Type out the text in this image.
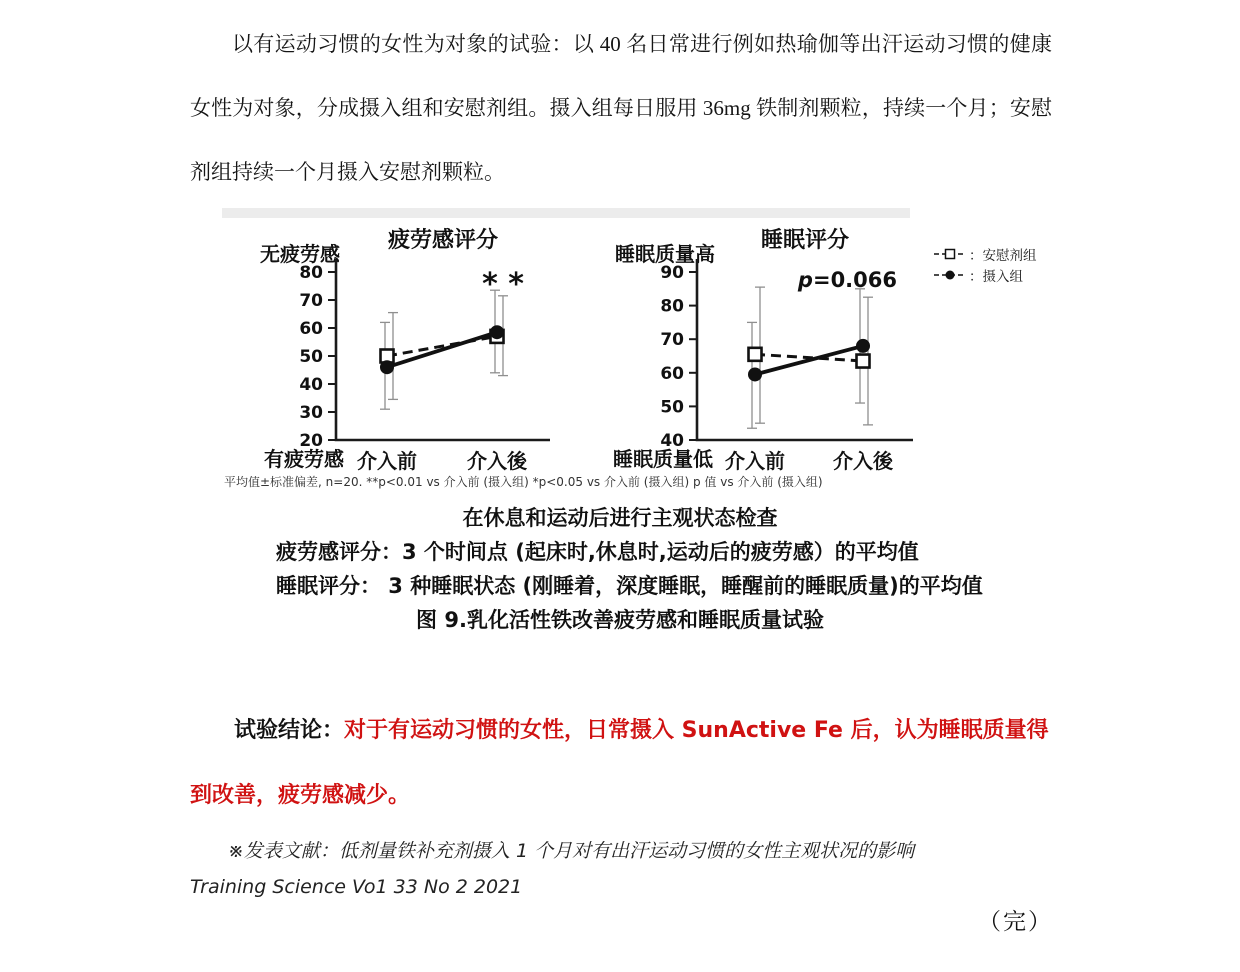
以有运动习惯的女性为对象的试验：以 40 名日常进行例如热瑜伽等出汗运动习惯的健康女性为对象，分成摄入组和安慰剂组。摄入组每日服用 36mg 铁制剂颗粒，持续一个月；安慰剂组持续一个月摄入安慰剂颗粒。

疲劳感评分
无疲劳感
有疲劳感
20
30
40
50
60
70
80
介入前	介入後
* *
睡眠评分
睡眠质量高
睡眠质量低
40
50
60
70
80
90
介入前 介入後
p=0.066
： 安慰剂组
： 摄入组
平均值±标准偏差, n=20. **p<0.01 vs 介入前 (摄入组) *p<0.05 vs 介入前 (摄入组) p 值 vs 介入前 (摄入组)
在休息和运动后进行主观状态检查
疲劳感评分：3 个时间点 (起床时,休息时,运动后的疲劳感）的平均值
睡眠评分： 3 种睡眠状态 (刚睡着，深度睡眠，睡醒前的睡眠质量)的平均值
图 9.乳化活性铁改善疲劳感和睡眠质量试验

试验结论：对于有运动习惯的女性，日常摄入 SunActive Fe 后，认为睡眠质量得到改善，疲劳感减少。

※发表文献：低剂量铁补充剂摄入 1 个月对有出汗运动习惯的女性主观状况的影响
Training Science Vo1 33 No 2 2021
（完）
